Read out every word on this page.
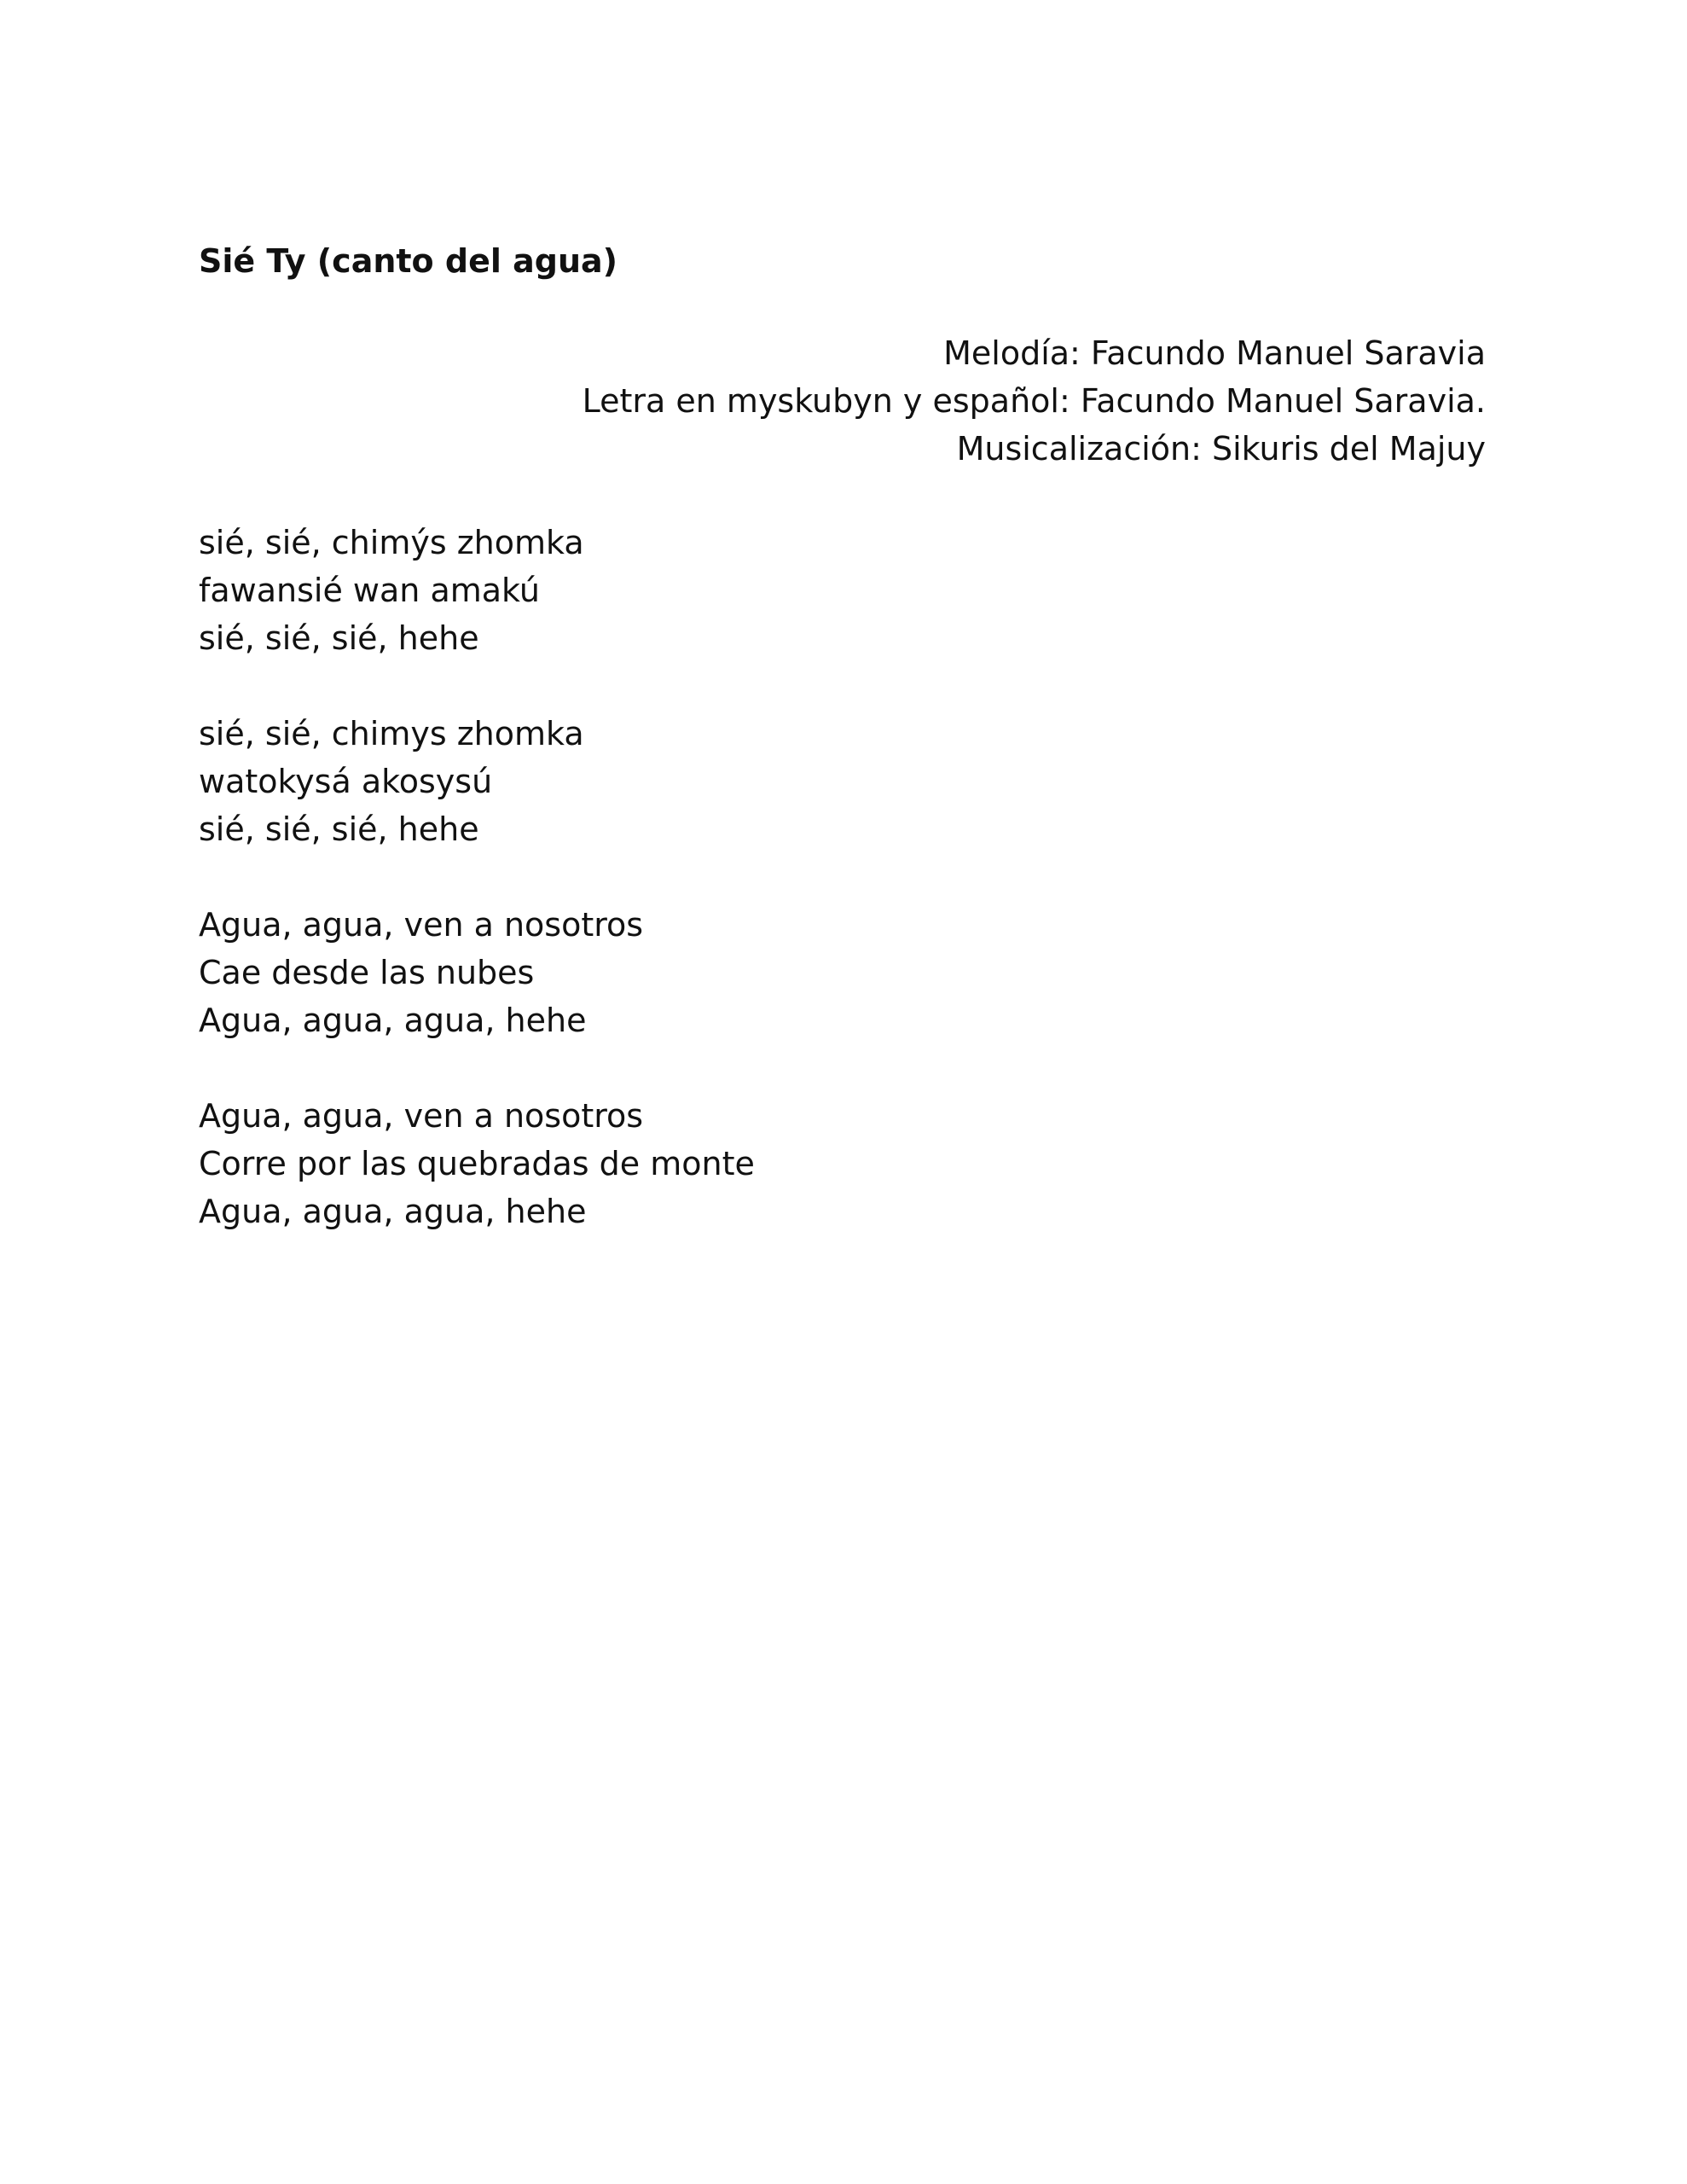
Sié Ty (canto del agua)
Melodía: Facundo Manuel Saravia
Letra en myskubyn y español: Facundo Manuel Saravia.
Musicalización: Sikuris del Majuy
sié, sié, chimýs zhomka
fawansié wan amakú
sié, sié, sié, hehe
sié, sié, chimys zhomka
watokysá akosysú
sié, sié, sié, hehe
Agua, agua, ven a nosotros
Cae desde las nubes
Agua, agua, agua, hehe
Agua, agua, ven a nosotros
Corre por las quebradas de monte
Agua, agua, agua, hehe
